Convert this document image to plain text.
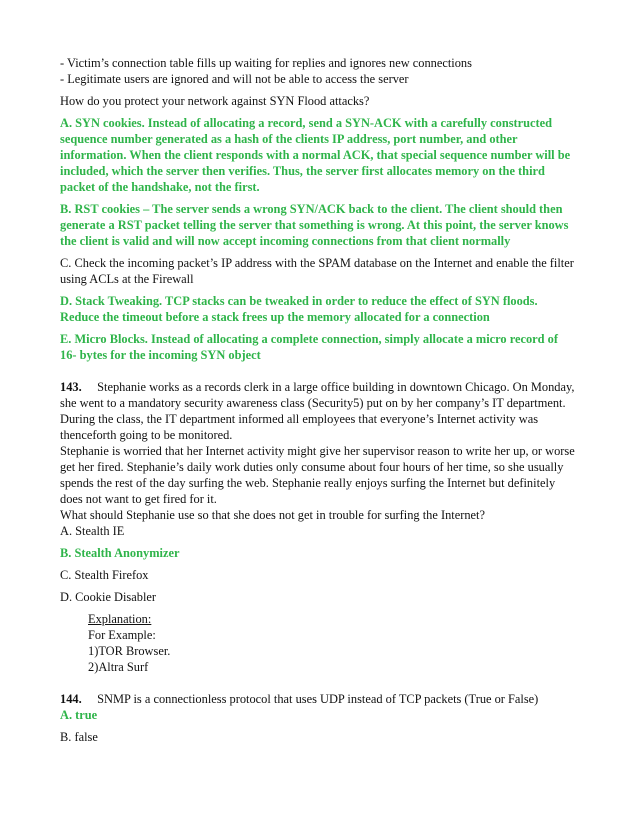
- Victim’s connection table fills up waiting for replies and ignores new connections
- Legitimate users are ignored and will not be able to access the server
How do you protect your network against SYN Flood attacks?
A. SYN cookies. Instead of allocating a record, send a SYN-ACK with a carefully constructed
sequence number generated as a hash of the clients IP address, port number, and other
information. When the client responds with a normal ACK, that special sequence number will be
included, which the server then verifies. Thus, the server first allocates memory on the third
packet of the handshake, not the first.
B. RST cookies – The server sends a wrong SYN/ACK back to the client. The client should then
generate a RST packet telling the server that something is wrong. At this point, the server knows
the client is valid and will now accept incoming connections from that client normally
C. Check the incoming packet’s IP address with the SPAM database on the Internet and enable the filter
using ACLs at the Firewall
D. Stack Tweaking. TCP stacks can be tweaked in order to reduce the effect of SYN floods.
Reduce the timeout before a stack frees up the memory allocated for a connection
E. Micro Blocks. Instead of allocating a complete connection, simply allocate a micro record of
16- bytes for the incoming SYN object
143. Stephanie works as a records clerk in a large office building in downtown Chicago. On Monday,
she went to a mandatory security awareness class (Security5) put on by her company’s IT department.
During the class, the IT department informed all employees that everyone’s Internet activity was
thenceforth going to be monitored.
Stephanie is worried that her Internet activity might give her supervisor reason to write her up, or worse
get her fired. Stephanie’s daily work duties only consume about four hours of her time, so she usually
spends the rest of the day surfing the web. Stephanie really enjoys surfing the Internet but definitely
does not want to get fired for it.
What should Stephanie use so that she does not get in trouble for surfing the Internet?
A. Stealth IE
B. Stealth Anonymizer
C. Stealth Firefox
D. Cookie Disabler
Explanation:
For Example:
1)TOR Browser.
2)Altra Surf
144. SNMP is a connectionless protocol that uses UDP instead of TCP packets (True or False)
A. true
B. false
